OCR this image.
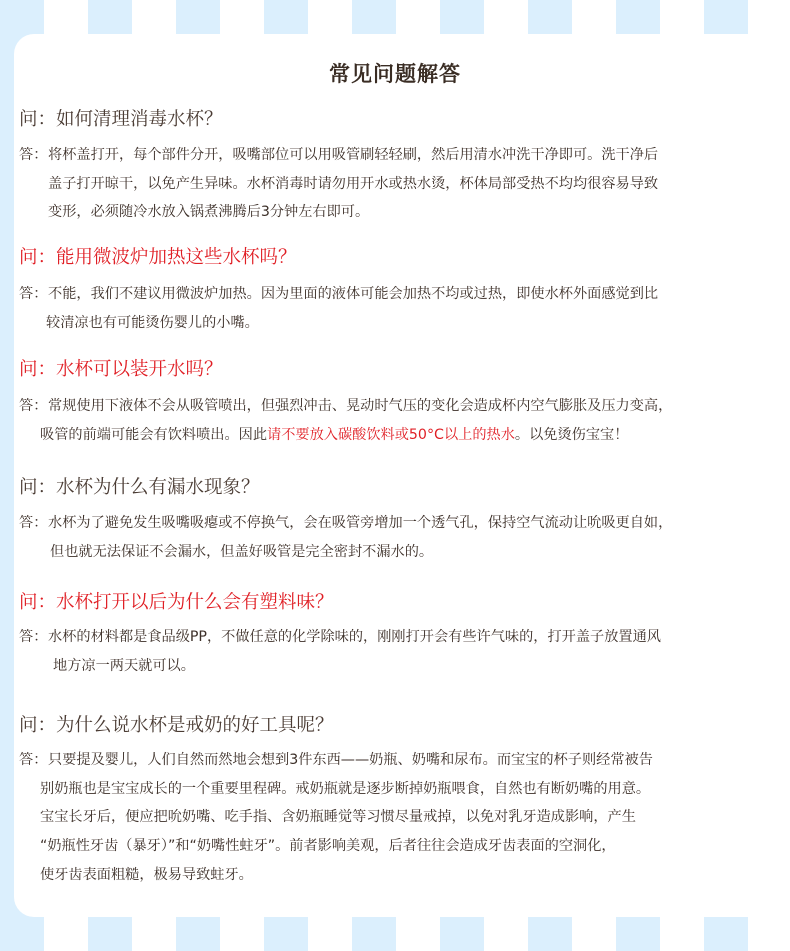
常见问题解答
问：如何清理消毒水杯？
答： 将杯盖打开，每个部件分开，吸嘴部位可以用吸管刷轻轻刷，然后用清水冲洗干净即可。洗干净后
盖子打开晾干，以免产生异味。水杯消毒时请勿用开水或热水烫，杯体局部受热不均均很容易导致
变形，必须随冷水放入锅煮沸腾后3分钟左右即可。
问：能用微波炉加热这些水杯吗？
答： 不能，我们不建议用微波炉加热。因为里面的液体可能会加热不均或过热，即使水杯外面感觉到比
较清凉也有可能烫伤婴儿的小嘴。
问：水杯可以装开水吗？
答： 常规使用下液体不会从吸管喷出，但强烈冲击、晃动时气压的变化会造成杯内空气膨胀及压力变高，
吸管的前端可能会有饮料喷出。因此请不要放入碳酸饮料或50°C以上的热水。以免烫伤宝宝！
问：水杯为什么有漏水现象？
答： 水杯为了避免发生吸嘴吸瘪或不停换气，会在吸管旁增加一个透气孔，保持空气流动让吮吸更自如，
但也就无法保证不会漏水，但盖好吸管是完全密封不漏水的。
问：水杯打开以后为什么会有塑料味？
答： 水杯的材料都是食品级PP，不做任意的化学除味的，刚刚打开会有些许气味的，打开盖子放置通风
地方凉一两天就可以。
问：为什么说水杯是戒奶的好工具呢？
答： 只要提及婴儿，人们自然而然地会想到3件东西——奶瓶、奶嘴和尿布。而宝宝的杯子则经常被告
别奶瓶也是宝宝成长的一个重要里程碑。戒奶瓶就是逐步断掉奶瓶喂食，自然也有断奶嘴的用意。
宝宝长牙后，便应把吮奶嘴、吃手指、含奶瓶睡觉等习惯尽量戒掉，以免对乳牙造成影响，产生
“奶瓶性牙齿（暴牙）”和“奶嘴性蛀牙”。前者影响美观，后者往往会造成牙齿表面的空洞化，
使牙齿表面粗糙，极易导致蛀牙。
